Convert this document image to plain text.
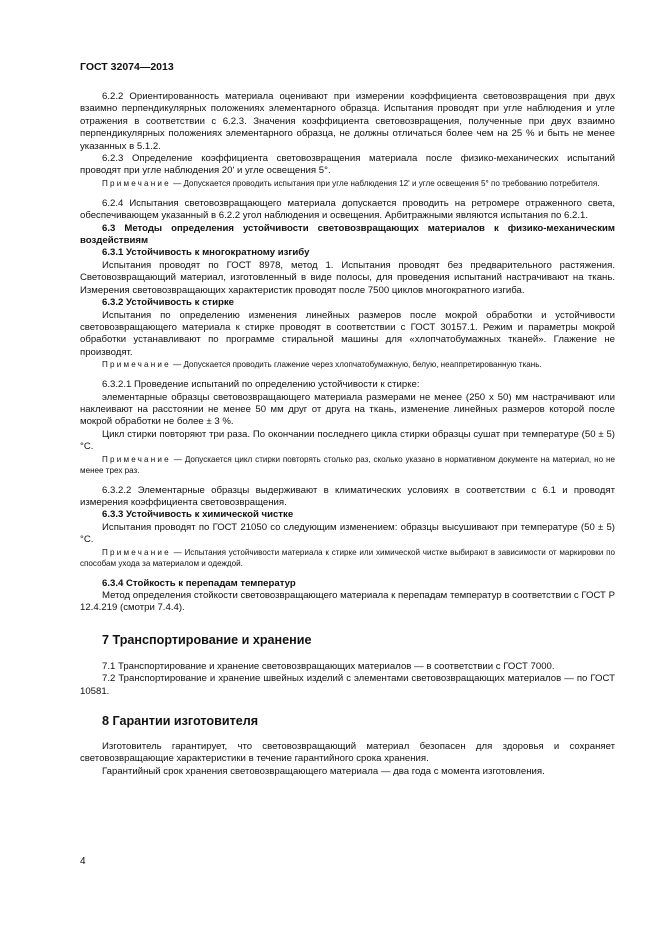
ГОСТ 32074—2013

6.2.2 Ориентированность материала оценивают при измерении коэффициента световозвращения при двух взаимно перпендикулярных положениях элементарного образца. Испытания проводят при угле наблюдения и угле отражения в соответствии с 6.2.3. Значения коэффициента световозвращения, полученные при двух взаимно перпендикулярных положениях элементарного образца, не должны отличаться более чем на 25 % и быть не менее указанных в 5.1.2.

6.2.3 Определение коэффициента световозвращения материала после физико-механических испытаний проводят при угле наблюдения 20' и угле освещения 5°.

Примечание — Допускается проводить испытания при угле наблюдения 12' и угле освещения 5° по требованию потребителя.

6.2.4 Испытания световозвращающего материала допускается проводить на ретромере отраженного света, обеспечивающем указанный в 6.2.2 угол наблюдения и освещения. Арбитражными являются испытания по 6.2.1.

6.3 Методы определения устойчивости световозвращающих материалов к физико-механическим воздействиям

6.3.1 Устойчивость к многократному изгибу

Испытания проводят по ГОСТ 8978, метод 1. Испытания проводят без предварительного растяжения. Световозвращающий материал, изготовленный в виде полосы, для проведения испытаний настрачивают на ткань. Измерения световозвращающих характеристик проводят после 7500 циклов многократного изгиба.

6.3.2 Устойчивость к стирке

Испытания по определению изменения линейных размеров после мокрой обработки и устойчивости световозвращающего материала к стирке проводят в соответствии с ГОСТ 30157.1. Режим и параметры мокрой обработки устанавливают по программе стиральной машины для «хлопчатобумажных тканей». Глажение не производят.

Примечание — Допускается проводить глажение через хлопчатобумажную, белую, неаппретированную ткань.

6.3.2.1 Проведение испытаний по определению устойчивости к стирке:

элементарные образцы световозвращающего материала размерами не менее (250 х 50) мм настрачивают или наклеивают на расстоянии не менее 50 мм друг от друга на ткань, изменение линейных размеров которой после мокрой обработки не более ± 3 %.

Цикл стирки повторяют три раза. По окончании последнего цикла стирки образцы сушат при температуре (50 ± 5) °С.

Примечание — Допускается цикл стирки повторять столько раз, сколько указано в нормативном документе на материал, но не менее трех раз.

6.3.2.2 Элементарные образцы выдерживают в климатических условиях в соответствии с 6.1 и проводят измерения коэффициента световозвращения.

6.3.3 Устойчивость к химической чистке

Испытания проводят по ГОСТ 21050 со следующим изменением: образцы высушивают при температуре (50 ± 5) °С.

Примечание — Испытания устойчивости материала к стирке или химической чистке выбирают в зависимости от маркировки по способам ухода за материалом и одеждой.

6.3.4 Стойкость к перепадам температур

Метод определения стойкости световозвращающего материала к перепадам температур в соответствии с ГОСТ Р 12.4.219 (смотри 7.4.4).

7 Транспортирование и хранение

7.1 Транспортирование и хранение световозвращающих материалов — в соответствии с ГОСТ 7000.

7.2 Транспортирование и хранение швейных изделий с элементами световозвращающих материалов — по ГОСТ 10581.

8 Гарантии изготовителя

Изготовитель гарантирует, что световозвращающий материал безопасен для здоровья и сохраняет световозвращающие характеристики в течение гарантийного срока хранения.

Гарантийный срок хранения световозвращающего материала — два года с момента изготовления.

4
